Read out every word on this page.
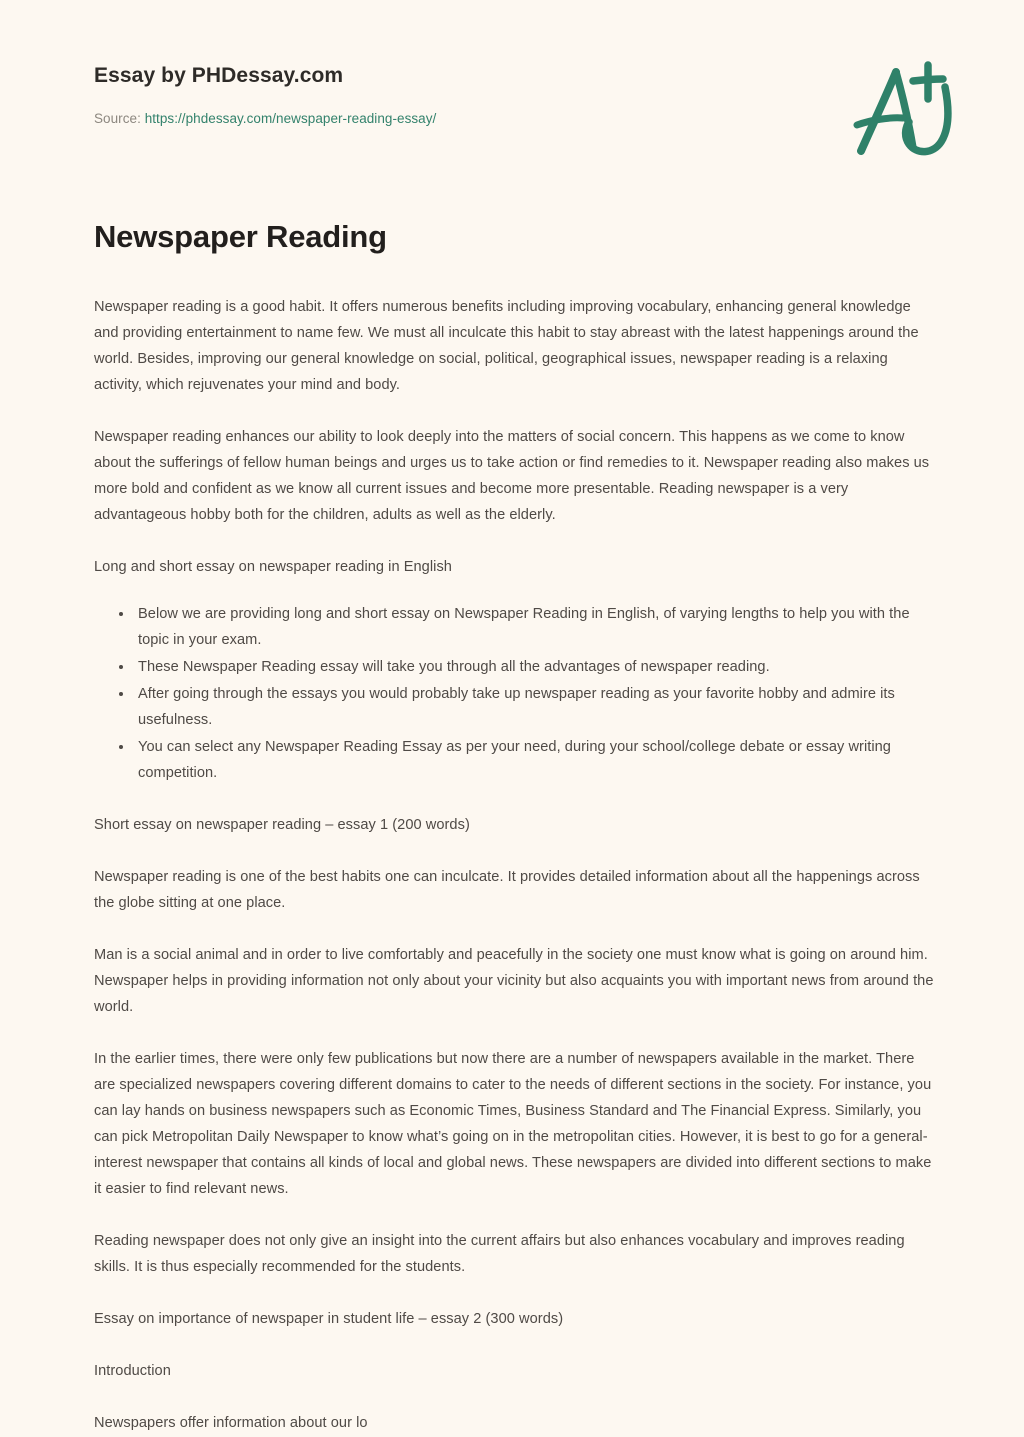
Essay by PHDessay.com
Source: https://phdessay.com/newspaper-reading-essay/
Newspaper Reading

Newspaper reading is a good habit. It offers numerous benefits including improving vocabulary, enhancing general knowledge and providing entertainment to name few. We must all inculcate this habit to stay abreast with the latest happenings around the world. Besides, improving our general knowledge on social, political, geographical issues, newspaper reading is a relaxing activity, which rejuvenates your mind and body.

Newspaper reading enhances our ability to look deeply into the matters of social concern. This happens as we come to know about the sufferings of fellow human beings and urges us to take action or find remedies to it. Newspaper reading also makes us more bold and confident as we know all current issues and become more presentable. Reading newspaper is a very advantageous hobby both for the children, adults as well as the elderly.

Long and short essay on newspaper reading in English

• Below we are providing long and short essay on Newspaper Reading in English, of varying lengths to help you with the topic in your exam.
• These Newspaper Reading essay will take you through all the advantages of newspaper reading.
• After going through the essays you would probably take up newspaper reading as your favorite hobby and admire its usefulness.
• You can select any Newspaper Reading Essay as per your need, during your school/college debate or essay writing competition.

Short essay on newspaper reading – essay 1 (200 words)

Newspaper reading is one of the best habits one can inculcate. It provides detailed information about all the happenings across the globe sitting at one place.

Man is a social animal and in order to live comfortably and peacefully in the society one must know what is going on around him. Newspaper helps in providing information not only about your vicinity but also acquaints you with important news from around the world.

In the earlier times, there were only few publications but now there are a number of newspapers available in the market. There are specialized newspapers covering different domains to cater to the needs of different sections in the society. For instance, you can lay hands on business newspapers such as Economic Times, Business Standard and The Financial Express. Similarly, you can pick Metropolitan Daily Newspaper to know what’s going on in the metropolitan cities. However, it is best to go for a general-interest newspaper that contains all kinds of local and global news. These newspapers are divided into different sections to make it easier to find relevant news.

Reading newspaper does not only give an insight into the current affairs but also enhances vocabulary and improves reading skills. It is thus especially recommended for the students.

Essay on importance of newspaper in student life – essay 2 (300 words)

Introduction

Newspapers offer information about our lo
